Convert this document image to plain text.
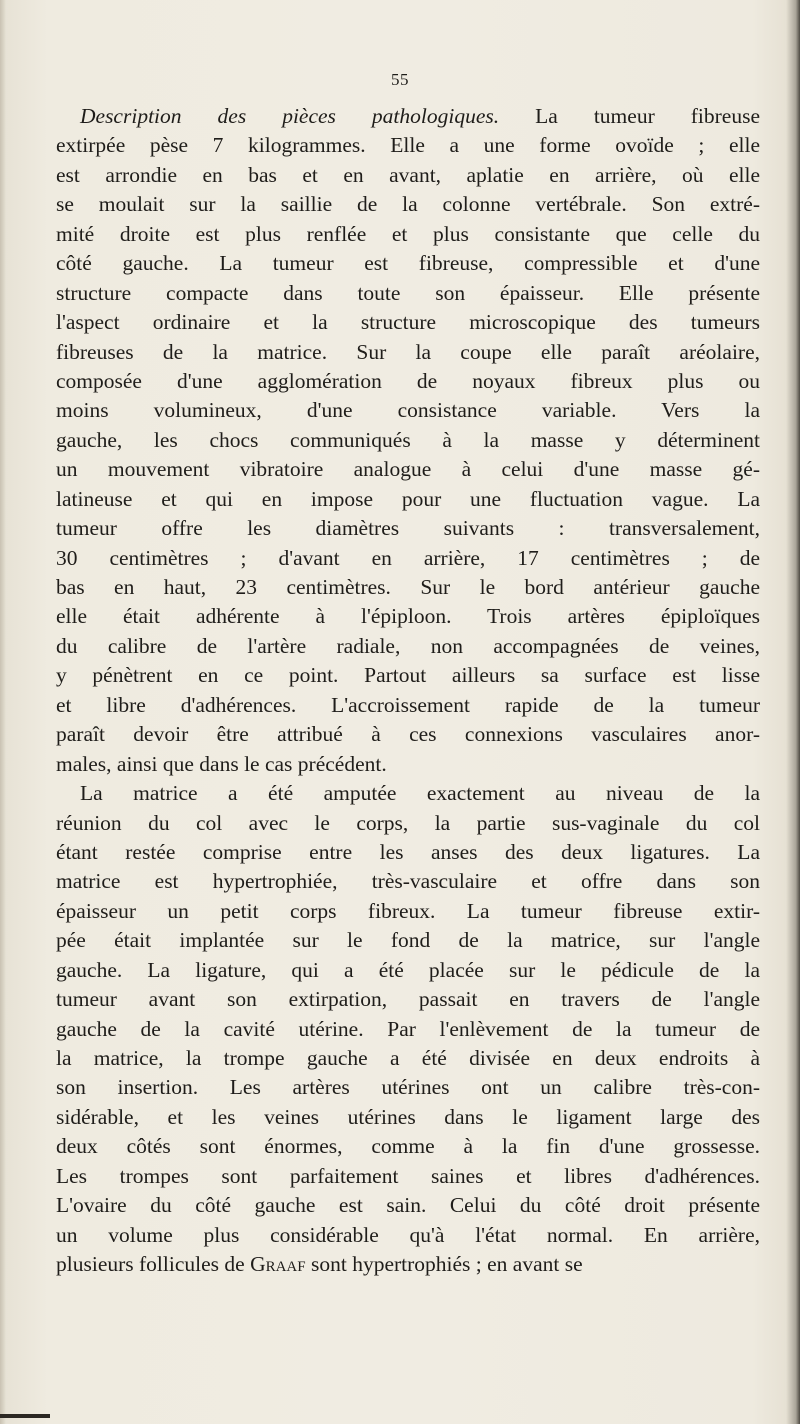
55
Description des pièces pathologiques. La tumeur fibreuse
extirpée pèse 7 kilogrammes. Elle a une forme ovoïde ; elle
est arrondie en bas et en avant, aplatie en arrière, où elle
se moulait sur la saillie de la colonne vertébrale. Son extré-
mité droite est plus renflée et plus consistante que celle du
côté gauche. La tumeur est fibreuse, compressible et d'une
structure compacte dans toute son épaisseur. Elle présente
l'aspect ordinaire et la structure microscopique des tumeurs
fibreuses de la matrice. Sur la coupe elle paraît aréolaire,
composée d'une agglomération de noyaux fibreux plus ou
moins volumineux, d'une consistance variable. Vers la
gauche, les chocs communiqués à la masse y déterminent
un mouvement vibratoire analogue à celui d'une masse gé-
latineuse et qui en impose pour une fluctuation vague. La
tumeur offre les diamètres suivants : transversalement,
30 centimètres ; d'avant en arrière, 17 centimètres ; de
bas en haut, 23 centimètres. Sur le bord antérieur gauche
elle était adhérente à l'épiploon. Trois artères épiploïques
du calibre de l'artère radiale, non accompagnées de veines,
y pénètrent en ce point. Partout ailleurs sa surface est lisse
et libre d'adhérences. L'accroissement rapide de la tumeur
paraît devoir être attribué à ces connexions vasculaires anor-
males, ainsi que dans le cas précédent.
La matrice a été amputée exactement au niveau de la
réunion du col avec le corps, la partie sus-vaginale du col
étant restée comprise entre les anses des deux ligatures. La
matrice est hypertrophiée, très-vasculaire et offre dans son
épaisseur un petit corps fibreux. La tumeur fibreuse extir-
pée était implantée sur le fond de la matrice, sur l'angle
gauche. La ligature, qui a été placée sur le pédicule de la
tumeur avant son extirpation, passait en travers de l'angle
gauche de la cavité utérine. Par l'enlèvement de la tumeur de
la matrice, la trompe gauche a été divisée en deux endroits à
son insertion. Les artères utérines ont un calibre très-con-
sidérable, et les veines utérines dans le ligament large des
deux côtés sont énormes, comme à la fin d'une grossesse.
Les trompes sont parfaitement saines et libres d'adhérences.
L'ovaire du côté gauche est sain. Celui du côté droit présente
un volume plus considérable qu'à l'état normal. En arrière,
plusieurs follicules de Graaf sont hypertrophiés ; en avant se
